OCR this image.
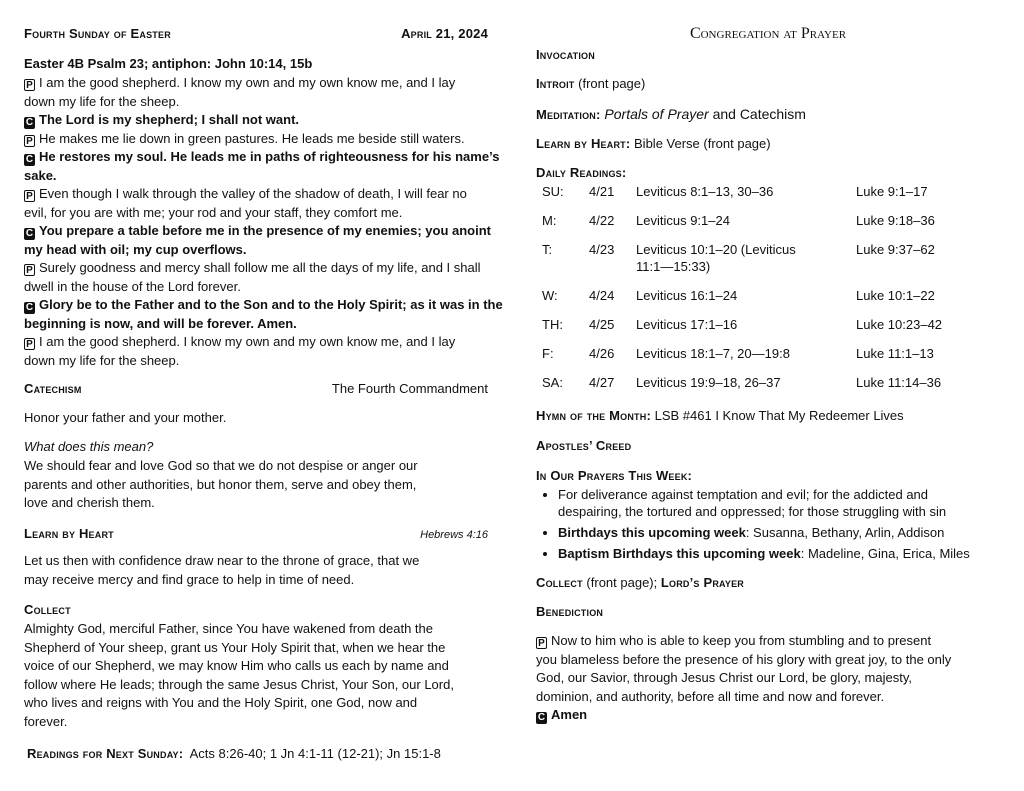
Fourth Sunday of Easter	April 21, 2024
Easter 4B Psalm 23; antiphon: John 10:14, 15b
P I am the good shepherd. I know my own and my own know me, and I lay
down my life for the sheep.
C The Lord is my shepherd; I shall not want.
P He makes me lie down in green pastures. He leads me beside still waters.
C He restores my soul. He leads me in paths of righteousness for his name’s
sake.
P Even though I walk through the valley of the shadow of death, I will fear no
evil, for you are with me; your rod and your staff, they comfort me.
C You prepare a table before me in the presence of my enemies; you anoint
my head with oil; my cup overflows.
P Surely goodness and mercy shall follow me all the days of my life, and I shall
dwell in the house of the Lord forever.
C Glory be to the Father and to the Son and to the Holy Spirit; as it was in the
beginning is now, and will be forever. Amen.
P I am the good shepherd. I know my own and my own know me, and I lay
down my life for the sheep.
Catechism	The Fourth Commandment
Honor your father and your mother.
What does this mean?
We should fear and love God so that we do not despise or anger our
parents and other authorities, but honor them, serve and obey them,
love and cherish them.
Learn by Heart	Hebrews 4:16
Let us then with confidence draw near to the throne of grace, that we
may receive mercy and find grace to help in time of need.
Collect
Almighty God, merciful Father, since You have wakened from death the
Shepherd of Your sheep, grant us Your Holy Spirit that, when we hear the
voice of our Shepherd, we may know Him who calls us each by name and
follow where He leads; through the same Jesus Christ, Your Son, our Lord,
who lives and reigns with You and the Holy Spirit, one God, now and
forever.
Readings for Next Sunday: Acts 8:26-40; 1 Jn 4:1-11 (12-21); Jn 15:1-8
Congregation at Prayer
Invocation
Introit (front page)
Meditation: Portals of Prayer and Catechism
Learn by Heart: Bible Verse (front page)
Daily Readings:
SU:	4/21	Leviticus 8:1–13, 30–36	Luke 9:1–17
M:	4/22	Leviticus 9:1–24	Luke 9:18–36
T:	4/23	Leviticus 10:1–20 (Leviticus
11:1—15:33)	Luke 9:37–62
W:	4/24	Leviticus 16:1–24	Luke 10:1–22
TH:	4/25	Leviticus 17:1–16	Luke 10:23–42
F:	4/26	Leviticus 18:1–7, 20—19:8	Luke 11:1–13
SA:	4/27	Leviticus 19:9–18, 26–37	Luke 11:14–36
Hymn of the Month: LSB #461 I Know That My Redeemer Lives
Apostles’ Creed
In Our Prayers This Week:
• For deliverance against temptation and evil; for the addicted and
despairing, the tortured and oppressed; for those struggling with sin
• Birthdays this upcoming week: Susanna, Bethany, Arlin, Addison
• Baptism Birthdays this upcoming week: Madeline, Gina, Erica, Miles
Collect (front page); Lord’s Prayer
Benediction
P Now to him who is able to keep you from stumbling and to present
you blameless before the presence of his glory with great joy, to the only
God, our Savior, through Jesus Christ our Lord, be glory, majesty,
dominion, and authority, before all time and now and forever.
C Amen
